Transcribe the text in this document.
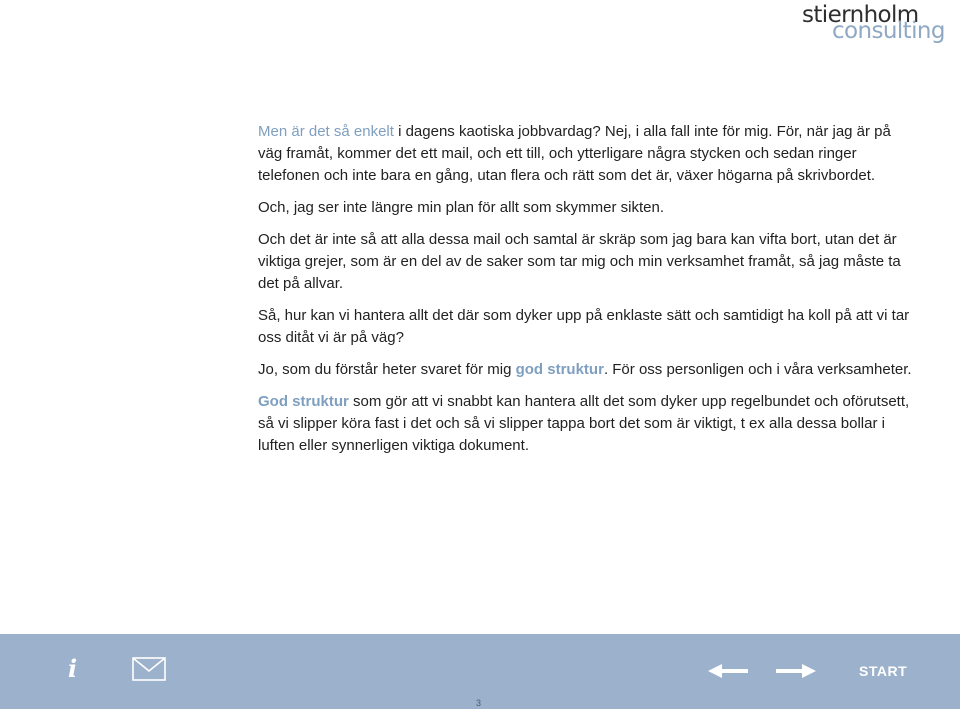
stiernholm
consulting

Men är det så enkelt i dagens kaotiska jobbvardag? Nej, i alla fall inte för mig. För, när jag är på väg framåt, kommer det ett mail, och ett till, och ytterligare några stycken och sedan ringer telefonen och inte bara en gång, utan flera och rätt som det är, växer högarna på skrivbordet.

Och, jag ser inte längre min plan för allt som skymmer sikten.

Och det är inte så att alla dessa mail och samtal är skräp som jag bara kan vifta bort, utan det är viktiga grejer, som är en del av de saker som tar mig och min verksamhet framåt, så jag måste ta det på allvar.

Så, hur kan vi hantera allt det där som dyker upp på enklaste sätt och samtidigt ha koll på att vi tar oss ditåt vi är på väg?

Jo, som du förstår heter svaret för mig god struktur. För oss personligen och i våra verksamheter.

God struktur som gör att vi snabbt kan hantera allt det som dyker upp regelbundet och oförutsett, så vi slipper köra fast i det och så vi slipper tappa bort det som är viktigt, t ex alla dessa bollar i luften eller synnerligen viktiga dokument.

i	START
3
